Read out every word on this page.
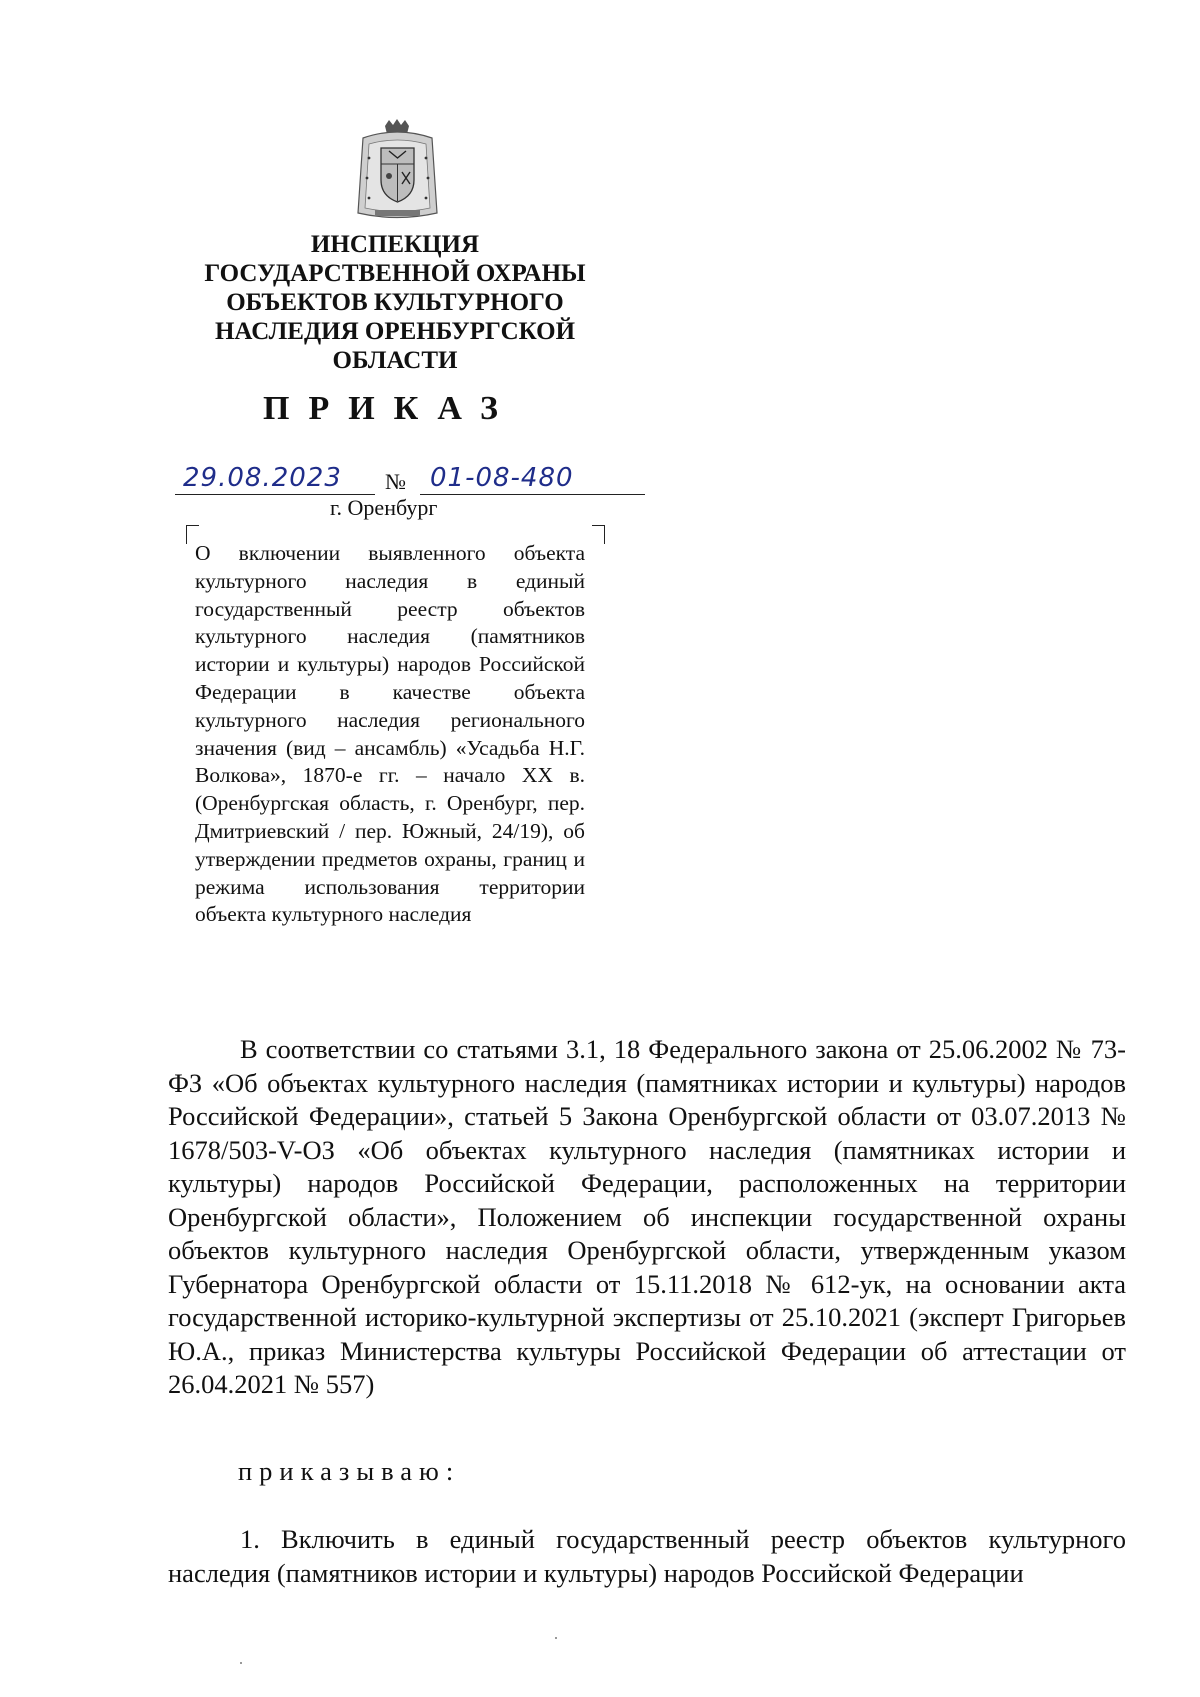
ИНСПЕКЦИЯ
ГОСУДАРСТВЕННОЙ ОХРАНЫ
ОБЪЕКТОВ КУЛЬТУРНОГО
НАСЛЕДИЯ ОРЕНБУРГСКОЙ
ОБЛАСТИ
ПРИКАЗ
29.08.2023 № 01-08-480
г. Оренбург

О включении выявленного объекта культурного наследия в единый государственный реестр объектов культурного наследия (памятников истории и культуры) народов Российской Федерации в качестве объекта культурного наследия регионального значения (вид – ансамбль) «Усадьба Н.Г. Волкова», 1870-е гг. – начало XX в. (Оренбургская область, г. Оренбург, пер. Дмитриевский / пер. Южный, 24/19), об утверждении предметов охраны, границ и режима использования территории объекта культурного наследия

В соответствии со статьями 3.1, 18 Федерального закона от 25.06.2002 № 73-ФЗ «Об объектах культурного наследия (памятниках истории и культуры) народов Российской Федерации», статьей 5 Закона Оренбургской области от 03.07.2013 № 1678/503-V-ОЗ «Об объектах культурного наследия (памятниках истории и культуры) народов Российской Федерации, расположенных на территории Оренбургской области», Положением об инспекции государственной охраны объектов культурного наследия Оренбургской области, утвержденным указом Губернатора Оренбургской области от 15.11.2018 № 612-ук, на основании акта государственной историко-культурной экспертизы от 25.10.2021 (эксперт Григорьев Ю.А., приказ Министерства культуры Российской Федерации об аттестации от 26.04.2021 № 557)

приказываю:

1. Включить в единый государственный реестр объектов культурного наследия (памятников истории и культуры) народов Российской Федерации
